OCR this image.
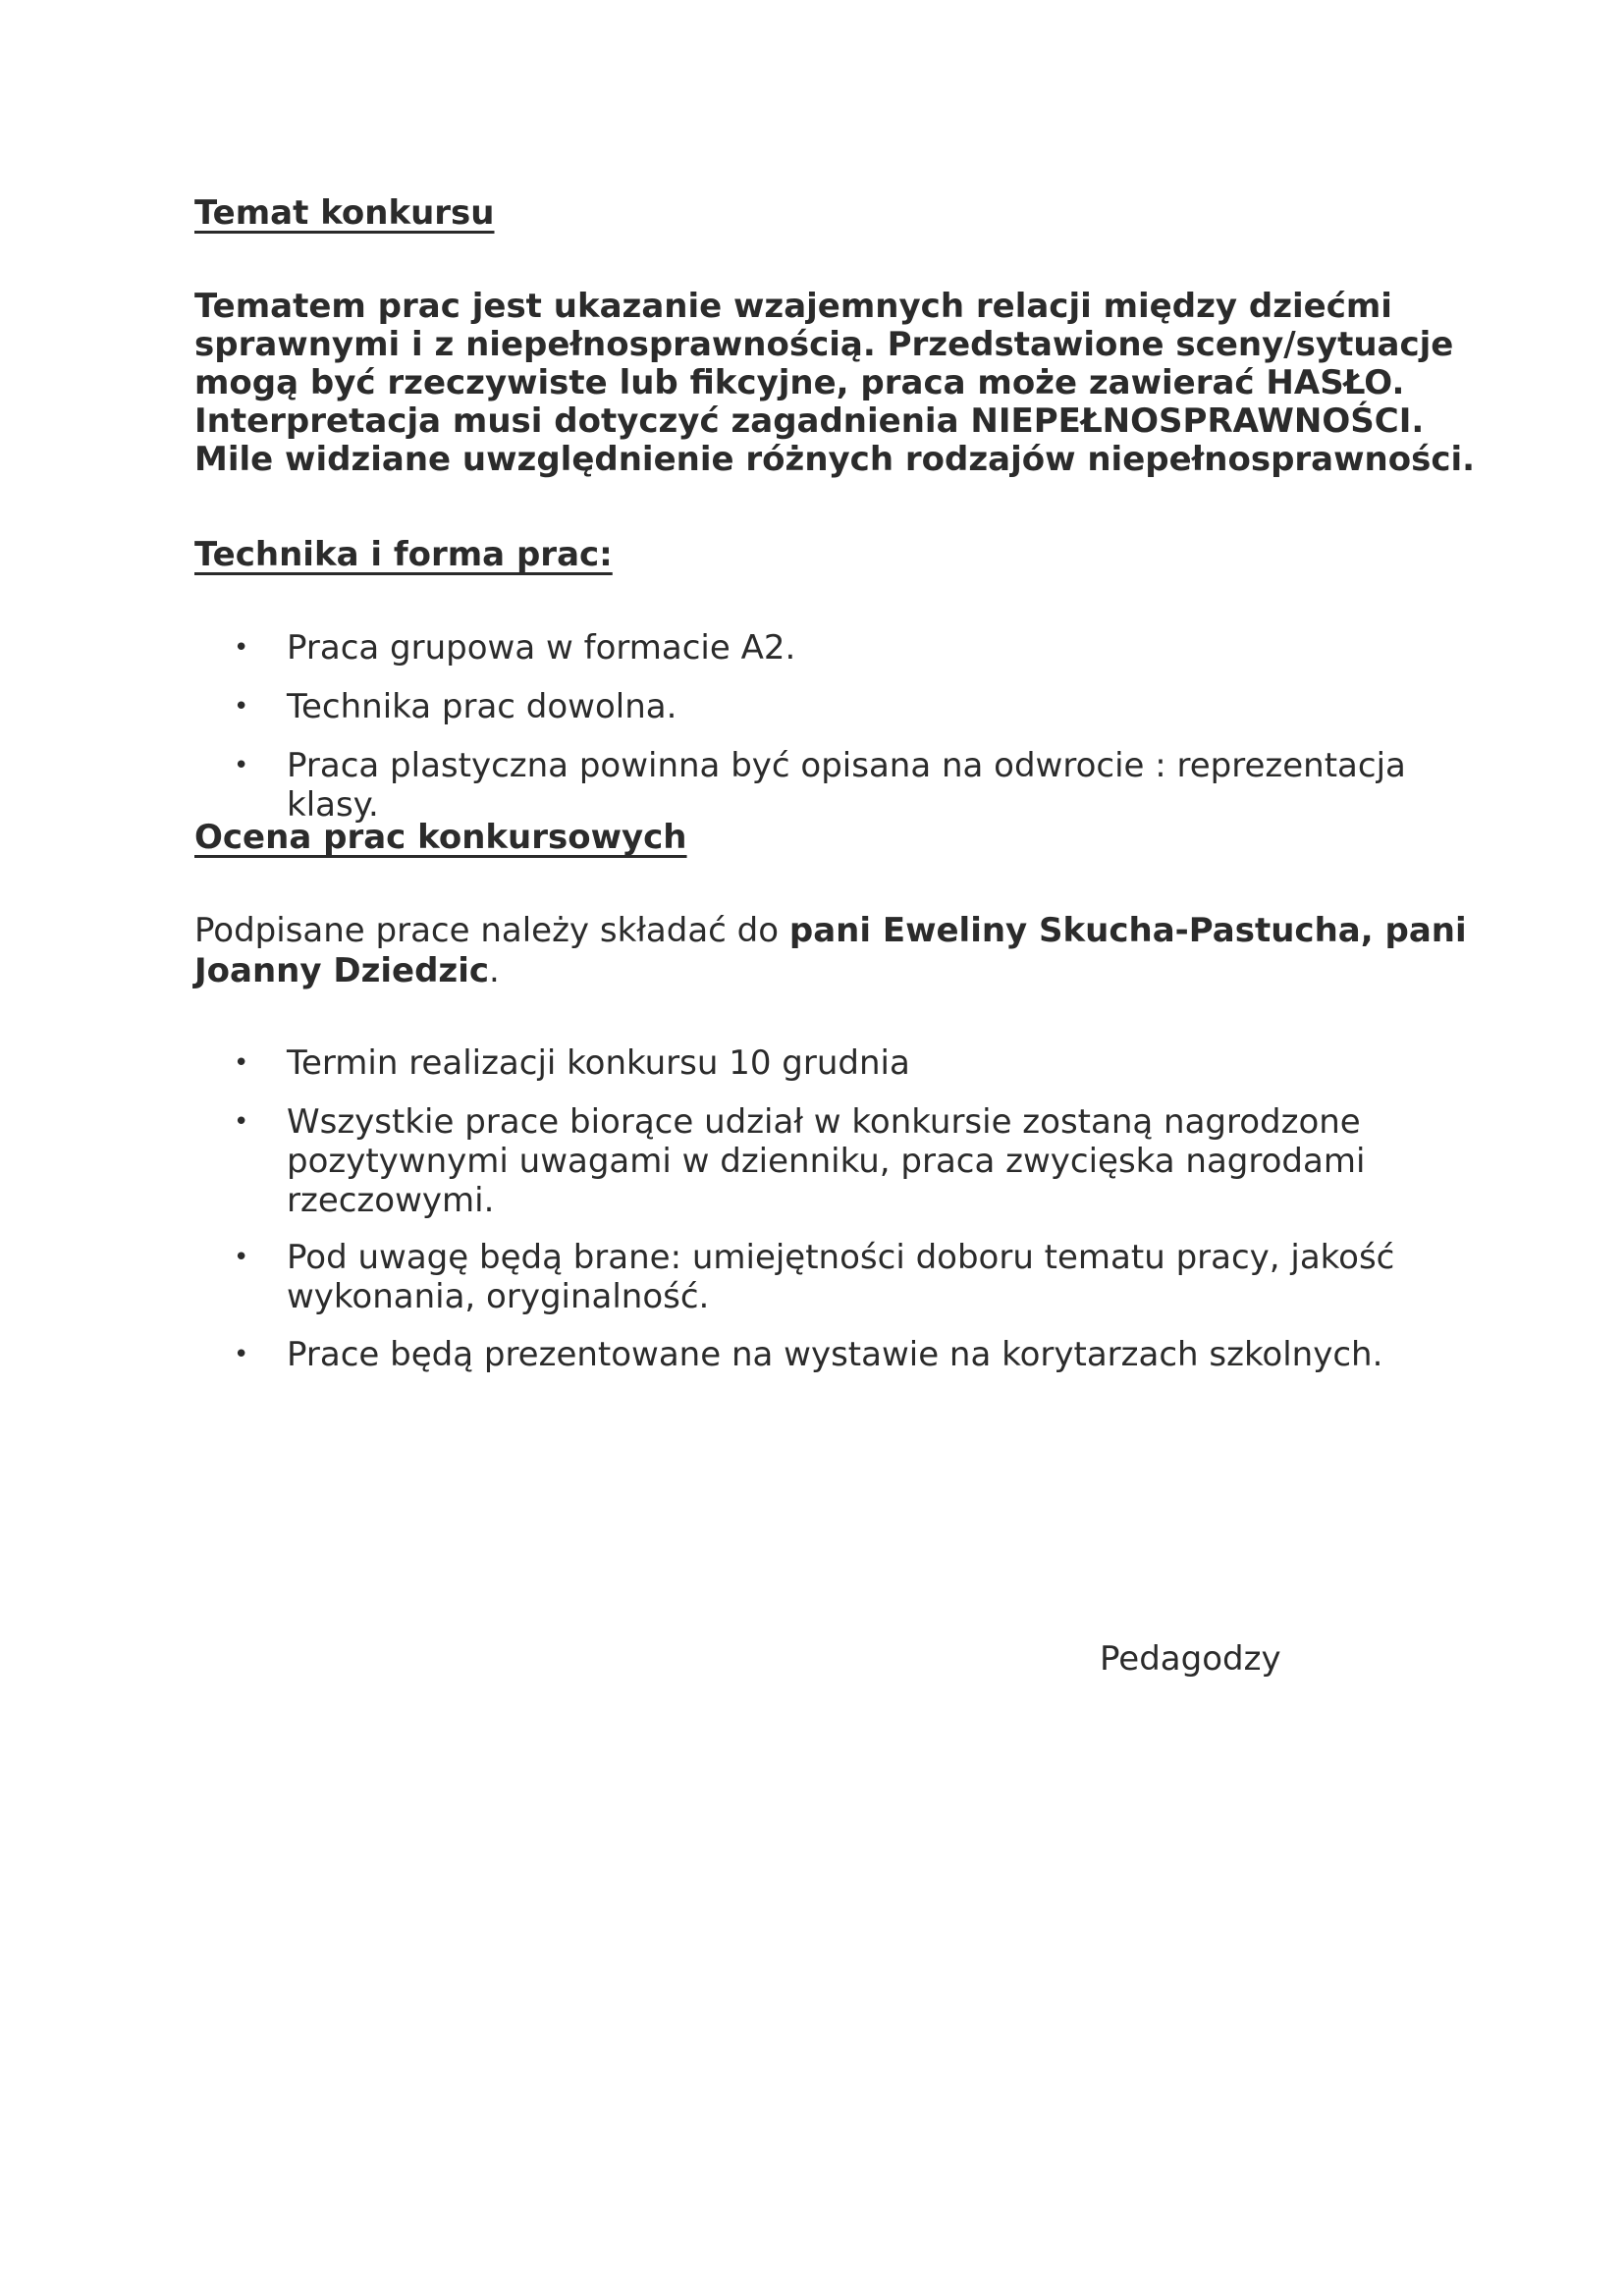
Temat konkursu
Tematem prac jest ukazanie wzajemnych relacji między dziećmi
sprawnymi i z niepełnosprawnością. Przedstawione sceny/sytuacje
mogą być rzeczywiste lub fikcyjne, praca może zawierać HASŁO.
Interpretacja musi dotyczyć zagadnienia NIEPEŁNOSPRAWNOŚCI.
Mile widziane uwzględnienie różnych rodzajów niepełnosprawności.
Technika i forma prac:
• Praca grupowa w formacie A2.
• Technika prac dowolna.
• Praca plastyczna powinna być opisana na odwrocie : reprezentacja
klasy.
Ocena prac konkursowych
Podpisane prace należy składać do pani Eweliny Skucha-Pastucha, pani
Joanny Dziedzic.
• Termin realizacji konkursu 10 grudnia
• Wszystkie prace biorące udział w konkursie zostaną nagrodzone
pozytywnymi uwagami w dzienniku, praca zwycięska nagrodami
rzeczowymi.
• Pod uwagę będą brane: umiejętności doboru tematu pracy, jakość
wykonania, oryginalność.
• Prace będą prezentowane na wystawie na korytarzach szkolnych.
Pedagodzy
